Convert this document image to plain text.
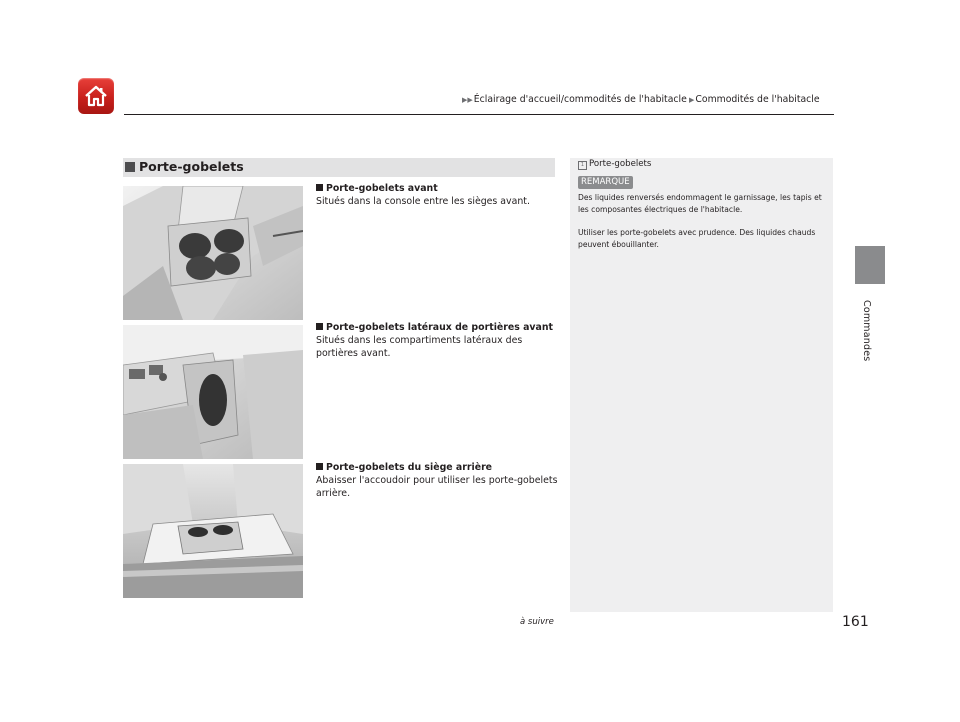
▶▶Éclairage d'accueil/commodités de l'habitacle ▶Commodités de l'habitacle
Commandes
Porte-gobelets
Porte-gobelets avant
Situés dans la console entre les sièges avant.
Porte-gobelets latéraux de portières avant
Situés dans les compartiments latéraux des portières avant.
Porte-gobelets du siège arrière
Abaisser l'accoudoir pour utiliser les porte-gobelets arrière.
1 Porte-gobelets
REMARQUE
Des liquides renversés endommagent le garnissage, les tapis et les composantes électriques de l'habitacle.
Utiliser les porte-gobelets avec prudence. Des liquides chauds peuvent ébouillanter.
à suivre	161
